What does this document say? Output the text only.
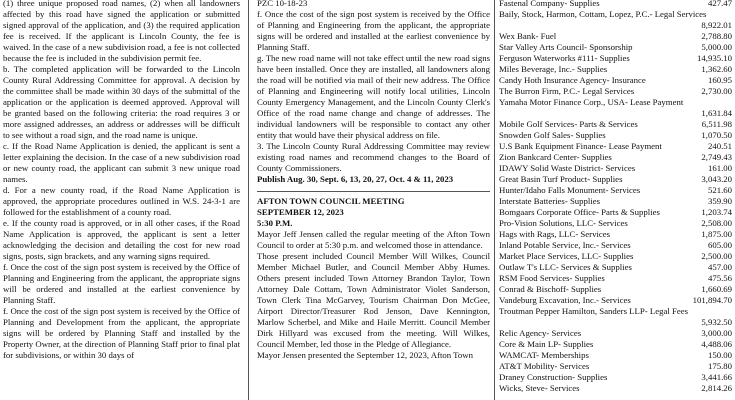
(1) three unique proposed road names, (2) when all landowners affected by this road have signed the application or submitted signed approval of the application, and (3) the required application fee is received. If the applicant is Lincoln County, the fee is waived. In the case of a new subdivision road, a fee is not collected because the fee is included in the subdivision permit fee.

b. The completed application will be forwarded to the Lincoln County Rural Addressing Committee for approval. A decision by the committee shall be made within 30 days of the submittal of the application or the application is deemed approved. Approval will be granted based on the following criteria: the road requires 3 or more assigned addresses, an address or addresses will be difficult to see without a road sign, and the road name is unique.

c. If the Road Name Application is denied, the applicant is sent a letter explaining the decision. In the case of a new subdivision road or new county road, the applicant can submit 3 new unique road names.

d. For a new county road, if the Road Name Application is approved, the appropriate procedures outlined in W.S. 24-3-1 are followed for the establishment of a county road.

e. If the county road is approved, or in all other cases, if the Road Name Application is approved, the applicant is sent a letter acknowledging the decision and detailing the cost for new road signs, posts, sign brackets, and any warning signs required.

f. Once the cost of the sign post system is received by the Office of Planning and Engineering from the applicant, the appropriate signs will be ordered and installed at the earliest convenience by Planning Staff.

f. Once the cost of the sign post system is received by the Office of Planning and Development from the applicant, the appropriate signs will be ordered by Planning Staff and installed by the Property Owner, at the direction of Planning Staff prior to final plat for subdivisions, or within 30 days of

PZC 10-18-23

f. Once the cost of the sign post system is received by the Office of Planning and Engineering from the applicant, the appropriate signs will be ordered and installed at the earliest convenience by Planning Staff.

g. The new road name will not take effect until the new road signs have been installed. Once they are installed, all landowners along the road will be notified via mail of their new address. The Office of Planning and Engineering will notify local utilities, Lincoln County Emergency Management, and the Lincoln County Clerk's Office of the road name change and change of addresses. The individual landowners will be responsible to contact any other entity that would have their physical address on file.

3. The Lincoln County Rural Addressing Committee may review existing road names and recommend changes to the Board of County Commissioners.

Publish Aug. 30, Sept. 6, 13, 20, 27, Oct. 4 & 11, 2023

AFTON TOWN COUNCIL MEETING

SEPTEMBER 12, 2023

5:30 P.M.

Mayor Jeff Jensen called the regular meeting of the Afton Town Council to order at 5:30 p.m. and welcomed those in attendance.

Those present included Council Member Will Wilkes, Council Member Michael Butler, and Council Member Abby Humes. Others present included Town Attorney Brandon Taylor, Town Attorney Dale Cottam, Town Administrator Violet Sanderson, Town Clerk Tina McGarvey, Tourism Chairman Don McGee, Airport Director/Treasurer Rod Jenson, Dave Kennington, Marlow Scherbel, and Mike and Haile Merritt. Council Member Dirk Hillyard was excused from the meeting. Will Wilkes, Council Member, led those in the Pledge of Allegiance.

Mayor Jensen presented the September 12, 2023, Afton Town

Fastenal Company- Supplies	427.47
Baily, Stock, Harmon, Cottam, Lopez, P.C.- Legal Services
8,922.01
Wex Bank- Fuel	2,788.80
Star Valley Arts Council- Sponsorship	5,000.00
Ferguson Waterworks #111- Supplies	14,935.10
Miles Beverage, Inc.- Supplies	1,362.60
Candy Hoth Insurance Agency- Insurance	160.95
The Burron Firm, P.C.- Legal Services	2,730.00
Yamaha Motor Finance Corp., USA- Lease Payment
1,631.84
Mobile Golf Services- Parts & Services	6,511.98
Snowden Golf Sales- Supplies	1,070.50
U.S Bank Equipment Finance- Lease Payment	240.51
Zion Bankcard Center- Supplies	2,749.43
IDAWY Solid Waste District- Services	161.00
Great Basin Turf Product- Supplies	3,043.20
Hunter/Idaho Falls Monument- Services	521.60
Interstate Batteries- Supplies	359.90
Bomgaars Corporate Office- Parts & Supplies	1,203.74
Pro-Vision Solutions, LLC- Services	2,508.00
Hags with Rags, LLC- Services	1,875.00
Inland Potable Service, Inc.- Services	605.00
Market Place Services, LLC- Supplies	2,500.00
Outlaw T's LLC- Services & Supplies	457.00
RSM Food Services- Supplies	475.56
Conrad & Bischoff- Supplies	1,660.69
Vandeburg Excavation, Inc.- Services	101,894.70
Troutman Pepper Hamilton, Sanders LLP- Legal Fees
5,932.50
Relic Agency- Services	3,000.00
Core & Main LP- Supplies	4,488.06
WAMCAT- Memberships	150.00
AT&T Mobility- Services	175.80
Draney Construction- Supplies	3,441.66
Wicks, Steve- Services	2,814.26
